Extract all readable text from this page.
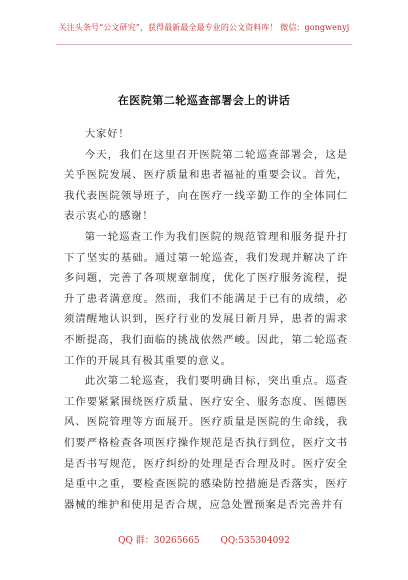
关注头条号“公文研究”，获得最新最全最专业的公文资料库！ 微信：gongwenyj
在医院第二轮巡查部署会上的讲话

大家好！

今天，我们在这里召开医院第二轮巡查部署会，这是关乎医院发展、医疗质量和患者福祉的重要会议。首先，我代表医院领导班子，向在医疗一线辛勤工作的全体同仁表示衷心的感谢！

第一轮巡查工作为我们医院的规范管理和服务提升打下了坚实的基础。通过第一轮巡查，我们发现并解决了许多问题，完善了各项规章制度，优化了医疗服务流程，提升了患者满意度。然而，我们不能满足于已有的成绩，必须清醒地认识到，医疗行业的发展日新月异，患者的需求不断提高，我们面临的挑战依然严峻。因此，第二轮巡查工作的开展具有极其重要的意义。

此次第二轮巡查，我们要明确目标，突出重点。巡查工作要紧紧围绕医疗质量、医疗安全、服务态度、医德医风、医院管理等方面展开。医疗质量是医院的生命线，我们要严格检查各项医疗操作规范是否执行到位，医疗文书是否书写规范，医疗纠纷的处理是否合理及时。医疗安全是重中之重，要检查医院的感染防控措施是否落实，医疗器械的维护和使用是否合规，应急处置预案是否完善并有

QQ 群：30265665 QQ:535304092
